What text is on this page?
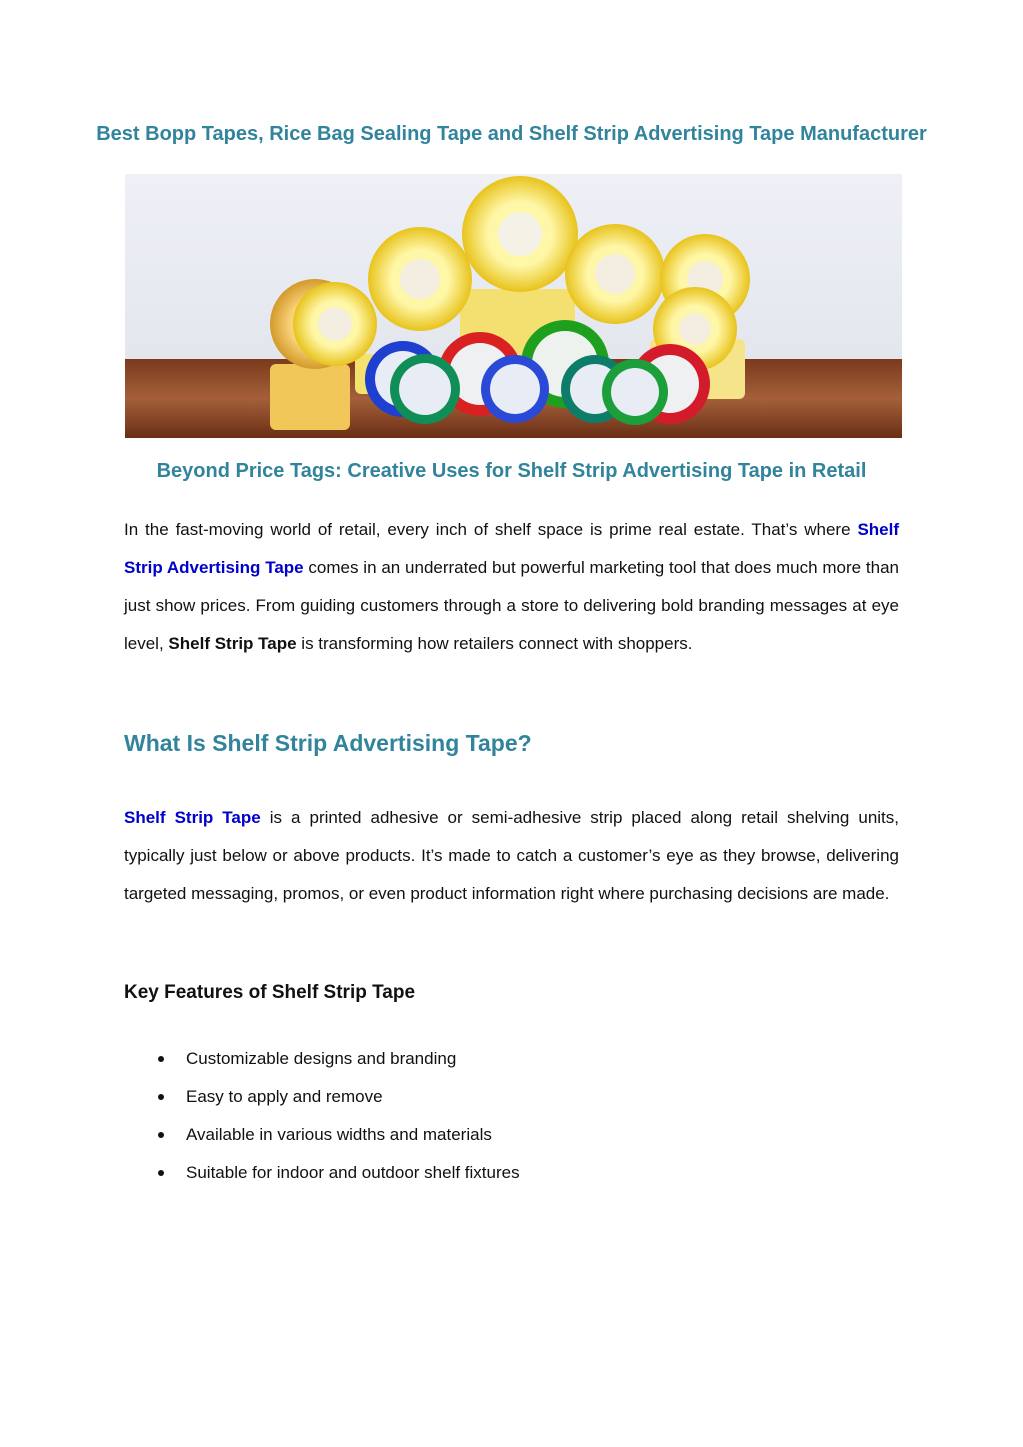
Best Bopp Tapes, Rice Bag Sealing Tape and Shelf Strip Advertising Tape Manufacturer
Beyond Price Tags: Creative Uses for Shelf Strip Advertising Tape in Retail

In the fast-moving world of retail, every inch of shelf space is prime real estate. That’s where Shelf Strip Advertising Tape comes in an underrated but powerful marketing tool that does much more than just show prices. From guiding customers through a store to delivering bold branding messages at eye level, Shelf Strip Tape is transforming how retailers connect with shoppers.

What Is Shelf Strip Advertising Tape?

Shelf Strip Tape is a printed adhesive or semi-adhesive strip placed along retail shelving units, typically just below or above products. It’s made to catch a customer’s eye as they browse, delivering targeted messaging, promos, or even product information right where purchasing decisions are made.

Key Features of Shelf Strip Tape
Customizable designs and branding
Easy to apply and remove
Available in various widths and materials
Suitable for indoor and outdoor shelf fixtures
